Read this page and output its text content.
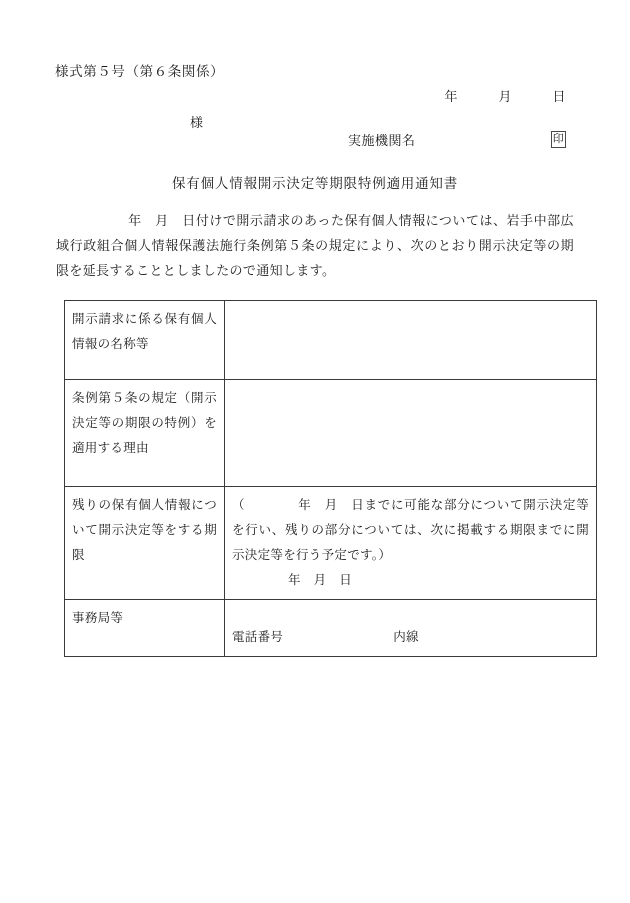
様式第５号（第６条関係）
年　　　月　　　日
様
実施機関名	印
保有個人情報開示決定等期限特例適用通知書
年　月　日付けで開示請求のあった保有個人情報については、岩手中部広域行政組合個人情報保護法施行条例第５条の規定により、次のとおり開示決定等の期限を延長することとしましたので通知します。
開示請求に係る保有個人情報の名称等	
条例第５条の規定（開示決定等の期限の特例）を適用する理由	
残りの保有個人情報について開示決定等をする期限	（　　　　年　月　日までに可能な部分について開示決定等を行い、残りの部分については、次に掲載する期限までに開示決定等を行う予定です。）
年　月　日

事務局等	電話番号 内線
